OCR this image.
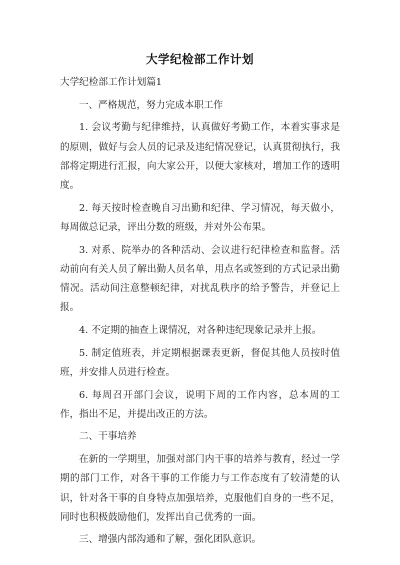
大学纪检部工作计划

大学纪检部工作计划篇1

一、严格规范，努力完成本职工作

1. 会议考勤与纪律维持，认真做好考勤工作，本着实事求是的原则，做好与会人员的记录及违纪情况登记，认真贯彻执行，我部将定期进行汇报，向大家公开，以便大家核对，增加工作的透明度。

2. 每天按时检查晚自习出勤和纪律、学习情况，每天做小，每周做总记录，评出分数的班级，并对外公布果。

3. 对系、院举办的各种活动、会议进行纪律检查和监督。活动前向有关人员了解出勤人员名单，用点名或签到的方式记录出勤情况。活动间注意整顿纪律，对扰乱秩序的给予警告，并登记上报。

4. 不定期的抽查上课情况，对各种违纪现象记录并上报。

5. 制定值班表，并定期根据课表更新，督促其他人员按时值班，并安排人员进行检查。

6. 每周召开部门会议，说明下周的工作内容，总本周的工作，指出不足，并提出改正的方法。

二、干事培养

在新的一学期里，加强对部门内干事的培养与教育，经过一学期的部门工作，对各干事的工作能力与工作态度有了较清楚的认识，针对各干事的自身特点加强培养，克服他们自身的一些不足，同时也积极鼓励他们，发挥出自己优秀的一面。

三、增强内部沟通和了解，强化团队意识。
